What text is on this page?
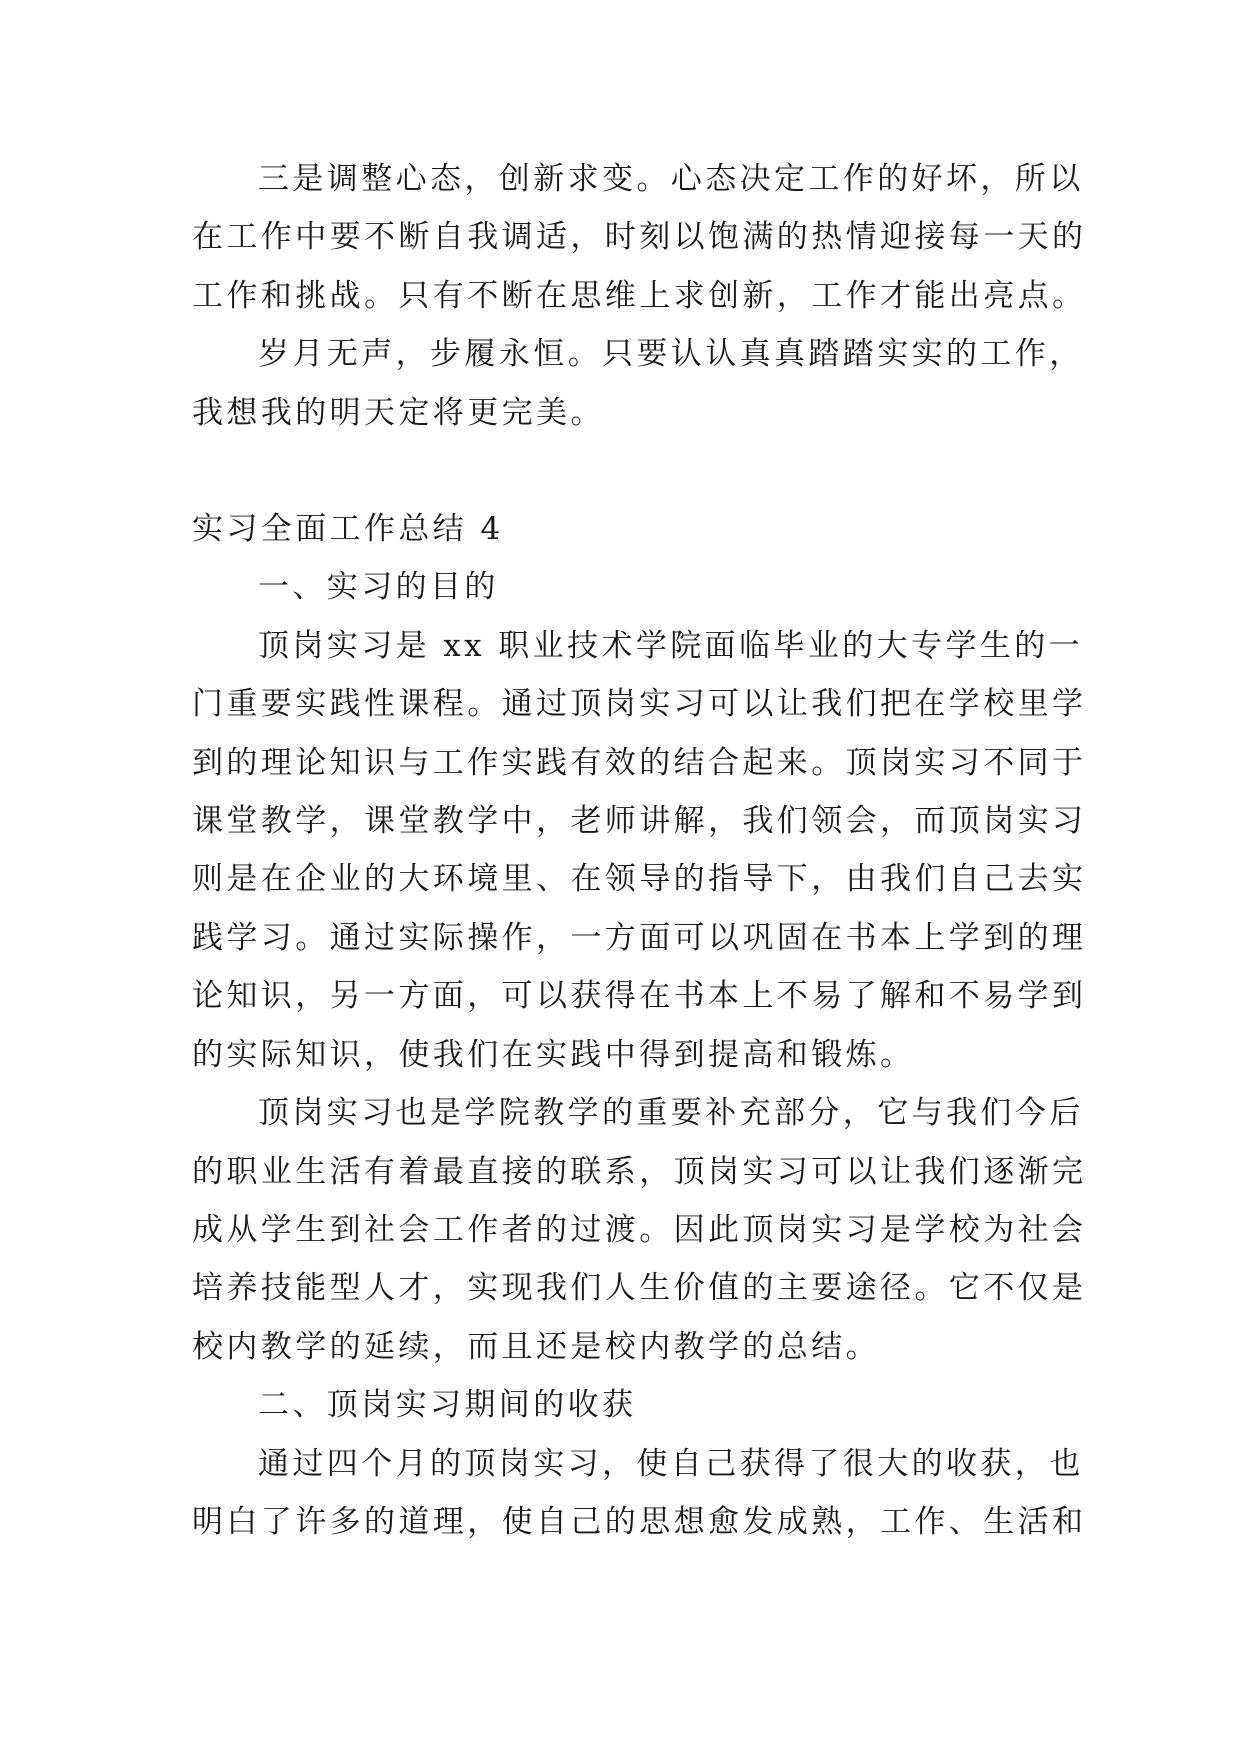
三是调整心态，创新求变。心态决定工作的好坏，所以

在工作中要不断自我调适，时刻以饱满的热情迎接每一天的

工作和挑战。只有不断在思维上求创新，工作才能出亮点。

岁月无声，步履永恒。只要认认真真踏踏实实的工作，

我想我的明天定将更完美。

实习全面工作总结 4

一、实习的目的

顶岗实习是 xx 职业技术学院面临毕业的大专学生的一

门重要实践性课程。通过顶岗实习可以让我们把在学校里学

到的理论知识与工作实践有效的结合起来。顶岗实习不同于

课堂教学，课堂教学中，老师讲解，我们领会，而顶岗实习

则是在企业的大环境里、在领导的指导下，由我们自己去实

践学习。通过实际操作，一方面可以巩固在书本上学到的理

论知识，另一方面，可以获得在书本上不易了解和不易学到

的实际知识，使我们在实践中得到提高和锻炼。

顶岗实习也是学院教学的重要补充部分，它与我们今后

的职业生活有着最直接的联系，顶岗实习可以让我们逐渐完

成从学生到社会工作者的过渡。因此顶岗实习是学校为社会

培养技能型人才，实现我们人生价值的主要途径。它不仅是

校内教学的延续，而且还是校内教学的总结。

二、顶岗实习期间的收获

通过四个月的顶岗实习，使自己获得了很大的收获，也

明白了许多的道理，使自己的思想愈发成熟，工作、生活和
